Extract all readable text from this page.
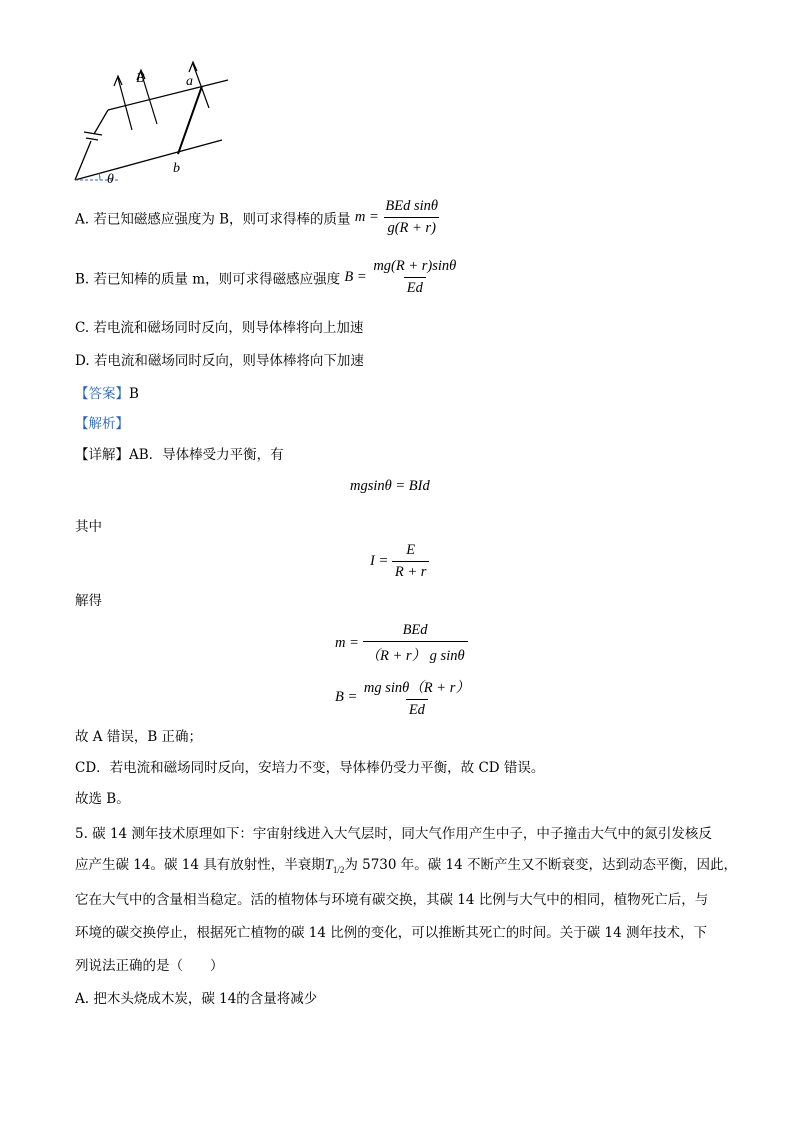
B	a
b
θ
A. 若已知磁感应强度为 B，则可求得棒的质量 $m = \frac{\text{BEd sinθ}}{g(R + r)}$
B. 若已知棒的质量 m，则可求得磁感应强度 $B = \frac{mg(R + r)\sin\theta}{Ed}$
C. 若电流和磁场同时反向，则导体棒将向上加速
D. 若电流和磁场同时反向，则导体棒将向下加速
【答案】B
【解析】
【详解】AB．导体棒受力平衡，有
mgsinθ = BId
其中
$I = \frac{E}{R + r}$
解得
$m = \frac{\text{BEd}}{\text{（R + r） g sinθ}}$
$B = \frac{\text{mg sinθ（R + r）}}{Ed}$
故 A 错误，B 正确；
CD．若电流和磁场同时反向，安培力不变，导体棒仍受力平衡，故 CD 错误。
故选 B。
5. 碳 14 测年技术原理如下：宇宙射线进入大气层时，同大气作用产生中子，中子撞击大气中的氮引发核反
应产生碳 14。碳 14 具有放射性，半衰期$T_{1/2}$为 5730 年。碳 14 不断产生又不断衰变，达到动态平衡，因此，
它在大气中的含量相当稳定。活的植物体与环境有碳交换，其碳 14 比例与大气中的相同，植物死亡后，与
环境的碳交换停止，根据死亡植物的碳 14 比例的变化，可以推断其死亡的时间。关于碳 14 测年技术，下
列说法正确的是（　　）
A. 把木头烧成木炭，碳 14的含量将减少
